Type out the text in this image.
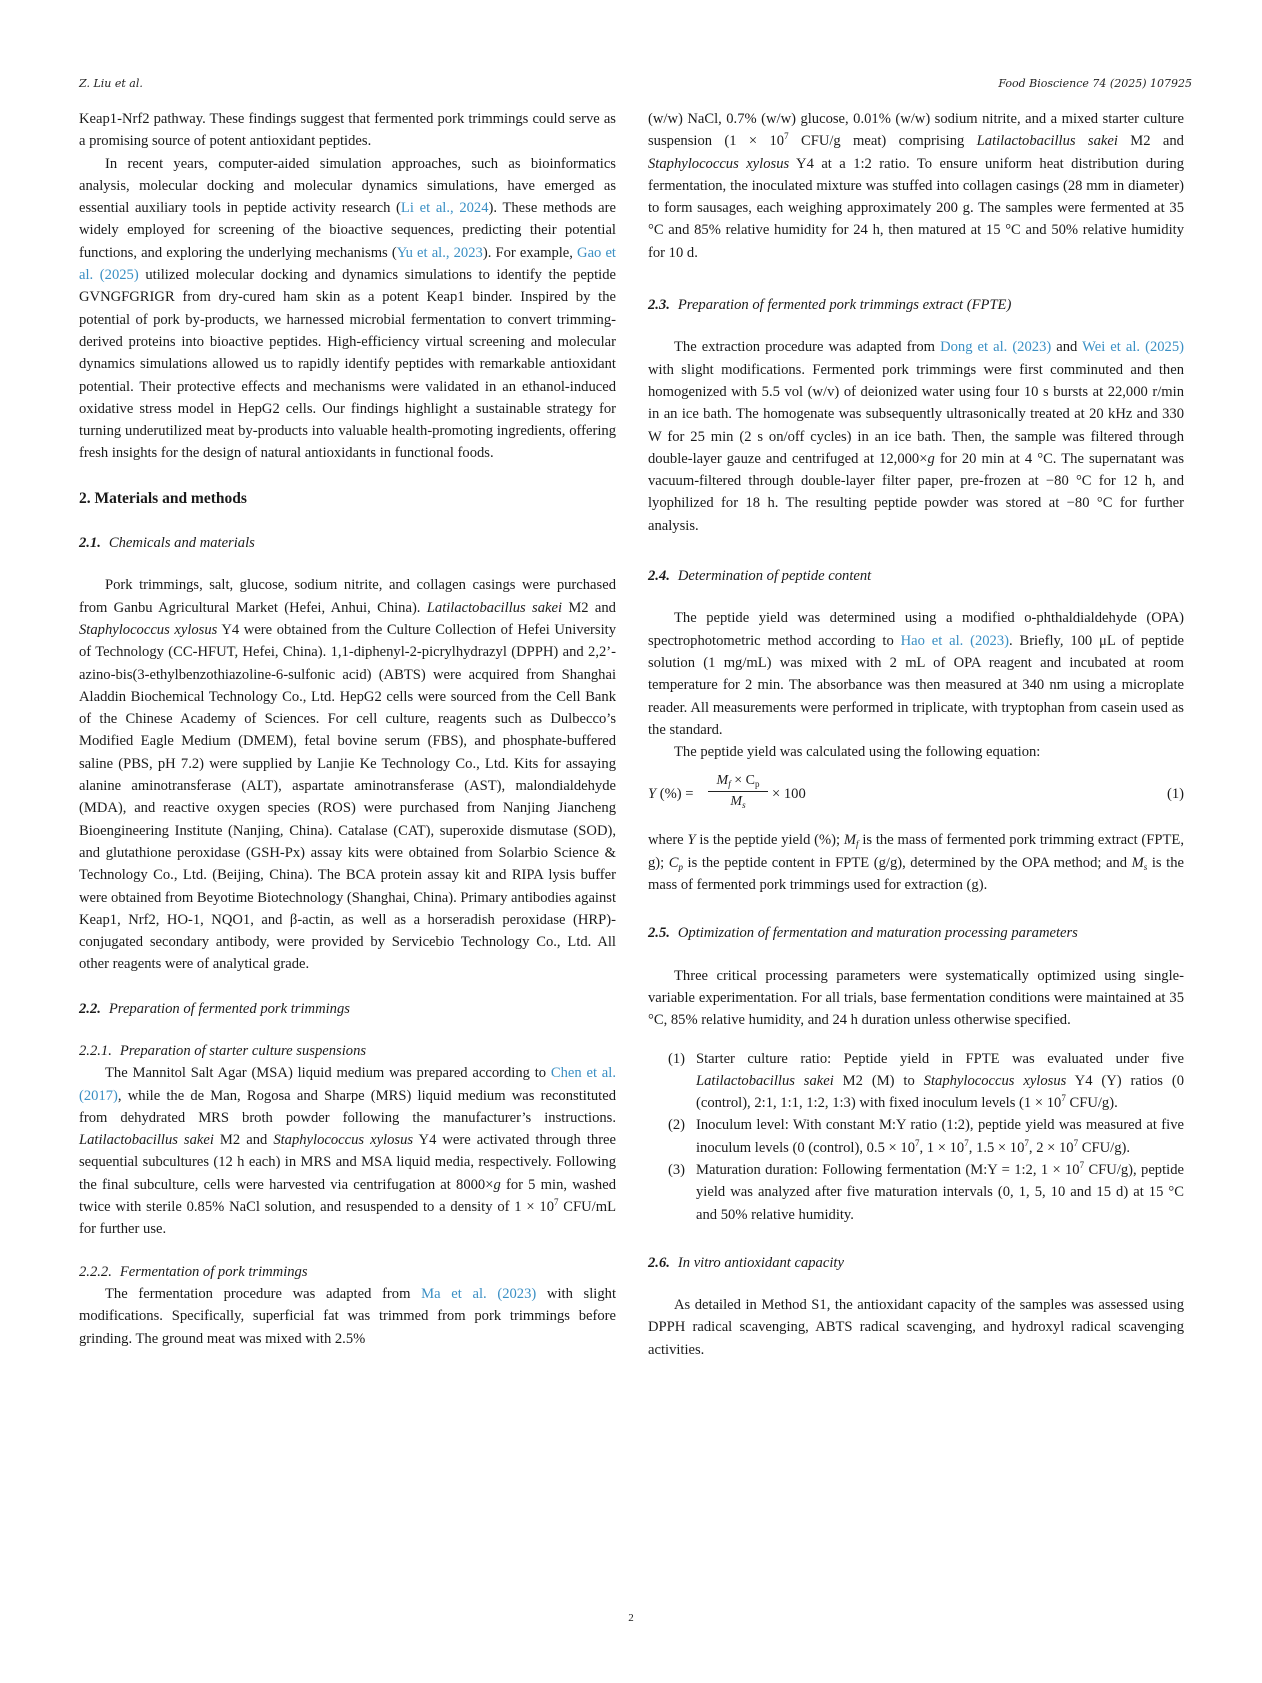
Z. Liu et al.	Food Bioscience 74 (2025) 107925

Keap1-Nrf2 pathway. These findings suggest that fermented pork trimmings could serve as a promising source of potent antioxidant peptides.

In recent years, computer-aided simulation approaches, such as bioinformatics analysis, molecular docking and molecular dynamics simulations, have emerged as essential auxiliary tools in peptide activity research (Li et al., 2024). These methods are widely employed for screening of the bioactive sequences, predicting their potential functions, and exploring the underlying mechanisms (Yu et al., 2023). For example, Gao et al. (2025) utilized molecular docking and dynamics simulations to identify the peptide GVNGFGRIGR from dry-cured ham skin as a potent Keap1 binder. Inspired by the potential of pork by-products, we harnessed microbial fermentation to convert trimming-derived proteins into bioactive peptides. High-efficiency virtual screening and molecular dynamics simulations allowed us to rapidly identify peptides with remarkable antioxidant potential. Their protective effects and mechanisms were validated in an ethanol-induced oxidative stress model in HepG2 cells. Our findings highlight a sustainable strategy for turning underutilized meat by-products into valuable health-promoting ingredients, offering fresh insights for the design of natural antioxidants in functional foods.

2. Materials and methods
2.1. Chemicals and materials

Pork trimmings, salt, glucose, sodium nitrite, and collagen casings were purchased from Ganbu Agricultural Market (Hefei, Anhui, China). Latilactobacillus sakei M2 and Staphylococcus xylosus Y4 were obtained from the Culture Collection of Hefei University of Technology (CC-HFUT, Hefei, China). 1,1-diphenyl-2-picrylhydrazyl (DPPH) and 2,2’-azino-bis(3-ethylbenzothiazoline-6-sulfonic acid) (ABTS) were acquired from Shanghai Aladdin Biochemical Technology Co., Ltd. HepG2 cells were sourced from the Cell Bank of the Chinese Academy of Sciences. For cell culture, reagents such as Dulbecco’s Modified Eagle Medium (DMEM), fetal bovine serum (FBS), and phosphate-buffered saline (PBS, pH 7.2) were supplied by Lanjie Ke Technology Co., Ltd. Kits for assaying alanine aminotransferase (ALT), aspartate aminotransferase (AST), malondialdehyde (MDA), and reactive oxygen species (ROS) were purchased from Nanjing Jiancheng Bioengineering Institute (Nanjing, China). Catalase (CAT), superoxide dismutase (SOD), and glutathione peroxidase (GSH-Px) assay kits were obtained from Solarbio Science & Technology Co., Ltd. (Beijing, China). The BCA protein assay kit and RIPA lysis buffer were obtained from Beyotime Biotechnology (Shanghai, China). Primary antibodies against Keap1, Nrf2, HO-1, NQO1, and β-actin, as well as a horseradish peroxidase (HRP)-conjugated secondary antibody, were provided by Servicebio Technology Co., Ltd. All other reagents were of analytical grade.

2.2. Preparation of fermented pork trimmings
2.2.1. Preparation of starter culture suspensions

The Mannitol Salt Agar (MSA) liquid medium was prepared according to Chen et al. (2017), while the de Man, Rogosa and Sharpe (MRS) liquid medium was reconstituted from dehydrated MRS broth powder following the manufacturer’s instructions. Latilactobacillus sakei M2 and Staphylococcus xylosus Y4 were activated through three sequential subcultures (12 h each) in MRS and MSA liquid media, respectively. Following the final subculture, cells were harvested via centrifugation at 8000×g for 5 min, washed twice with sterile 0.85% NaCl solution, and resuspended to a density of $1 \times 10^7$ CFU/mL for further use.

2.2.2. Fermentation of pork trimmings

The fermentation procedure was adapted from Ma et al. (2023) with slight modifications. Specifically, superficial fat was trimmed from pork trimmings before grinding. The ground meat was mixed with 2.5%

(w/w) NaCl, 0.7% (w/w) glucose, 0.01% (w/w) sodium nitrite, and a mixed starter culture suspension ($1 \times 10^7$ CFU/g meat) comprising Latilactobacillus sakei M2 and Staphylococcus xylosus Y4 at a 1:2 ratio. To ensure uniform heat distribution during fermentation, the inoculated mixture was stuffed into collagen casings (28 mm in diameter) to form sausages, each weighing approximately 200 g. The samples were fermented at 35 °C and 85% relative humidity for 24 h, then matured at 15 °C and 50% relative humidity for 10 d.

2.3. Preparation of fermented pork trimmings extract (FPTE)

The extraction procedure was adapted from Dong et al. (2023) and Wei et al. (2025) with slight modifications. Fermented pork trimmings were first comminuted and then homogenized with 5.5 vol (w/v) of deionized water using four 10 s bursts at 22,000 r/min in an ice bath. The homogenate was subsequently ultrasonically treated at 20 kHz and 330 W for 25 min (2 s on/off cycles) in an ice bath. Then, the sample was filtered through double-layer gauze and centrifuged at 12,000×g for 20 min at 4 °C. The supernatant was vacuum-filtered through double-layer filter paper, pre-frozen at −80 °C for 12 h, and lyophilized for 18 h. The resulting peptide powder was stored at −80 °C for further analysis.

2.4. Determination of peptide content

The peptide yield was determined using a modified o-phthaldialdehyde (OPA) spectrophotometric method according to Hao et al. (2023). Briefly, 100 μL of peptide solution (1 mg/mL) was mixed with 2 mL of OPA reagent and incubated at room temperature for 2 min. The absorbance was then measured at 340 nm using a microplate reader. All measurements were performed in triplicate, with tryptophan from casein used as the standard.

The peptide yield was calculated using the following equation:

Y (%) = $\frac{M_f \times C_p}{M_s} \times 100$	(1)

where Y is the peptide yield (%); $M_f$ is the mass of fermented pork trimming extract (FPTE, g); $C_p$ is the peptide content in FPTE (g/g), determined by the OPA method; and $M_s$ is the mass of fermented pork trimmings used for extraction (g).

2.5. Optimization of fermentation and maturation processing parameters

Three critical processing parameters were systematically optimized using single-variable experimentation. For all trials, base fermentation conditions were maintained at 35 °C, 85% relative humidity, and 24 h duration unless otherwise specified.

(1) Starter culture ratio: Peptide yield in FPTE was evaluated under five Latilactobacillus sakei M2 (M) to Staphylococcus xylosus Y4 (Y) ratios (0 (control), 2:1, 1:1, 1:2, 1:3) with fixed inoculum levels ($1 \times 10^7$ CFU/g).
(2) Inoculum level: With constant M:Y ratio (1:2), peptide yield was measured at five inoculum levels (0 (control), $0.5 \times 10^7$, $1 \times 10^7$, $1.5 \times 10^7$, $2 \times 10^7$ CFU/g).
(3) Maturation duration: Following fermentation (M:Y = 1:2, $1 \times 10^7$ CFU/g), peptide yield was analyzed after five maturation intervals (0, 1, 5, 10 and 15 d) at 15 °C and 50% relative humidity.
2.6. In vitro antioxidant capacity

As detailed in Method S1, the antioxidant capacity of the samples was assessed using DPPH radical scavenging, ABTS radical scavenging, and hydroxyl radical scavenging activities.

2
